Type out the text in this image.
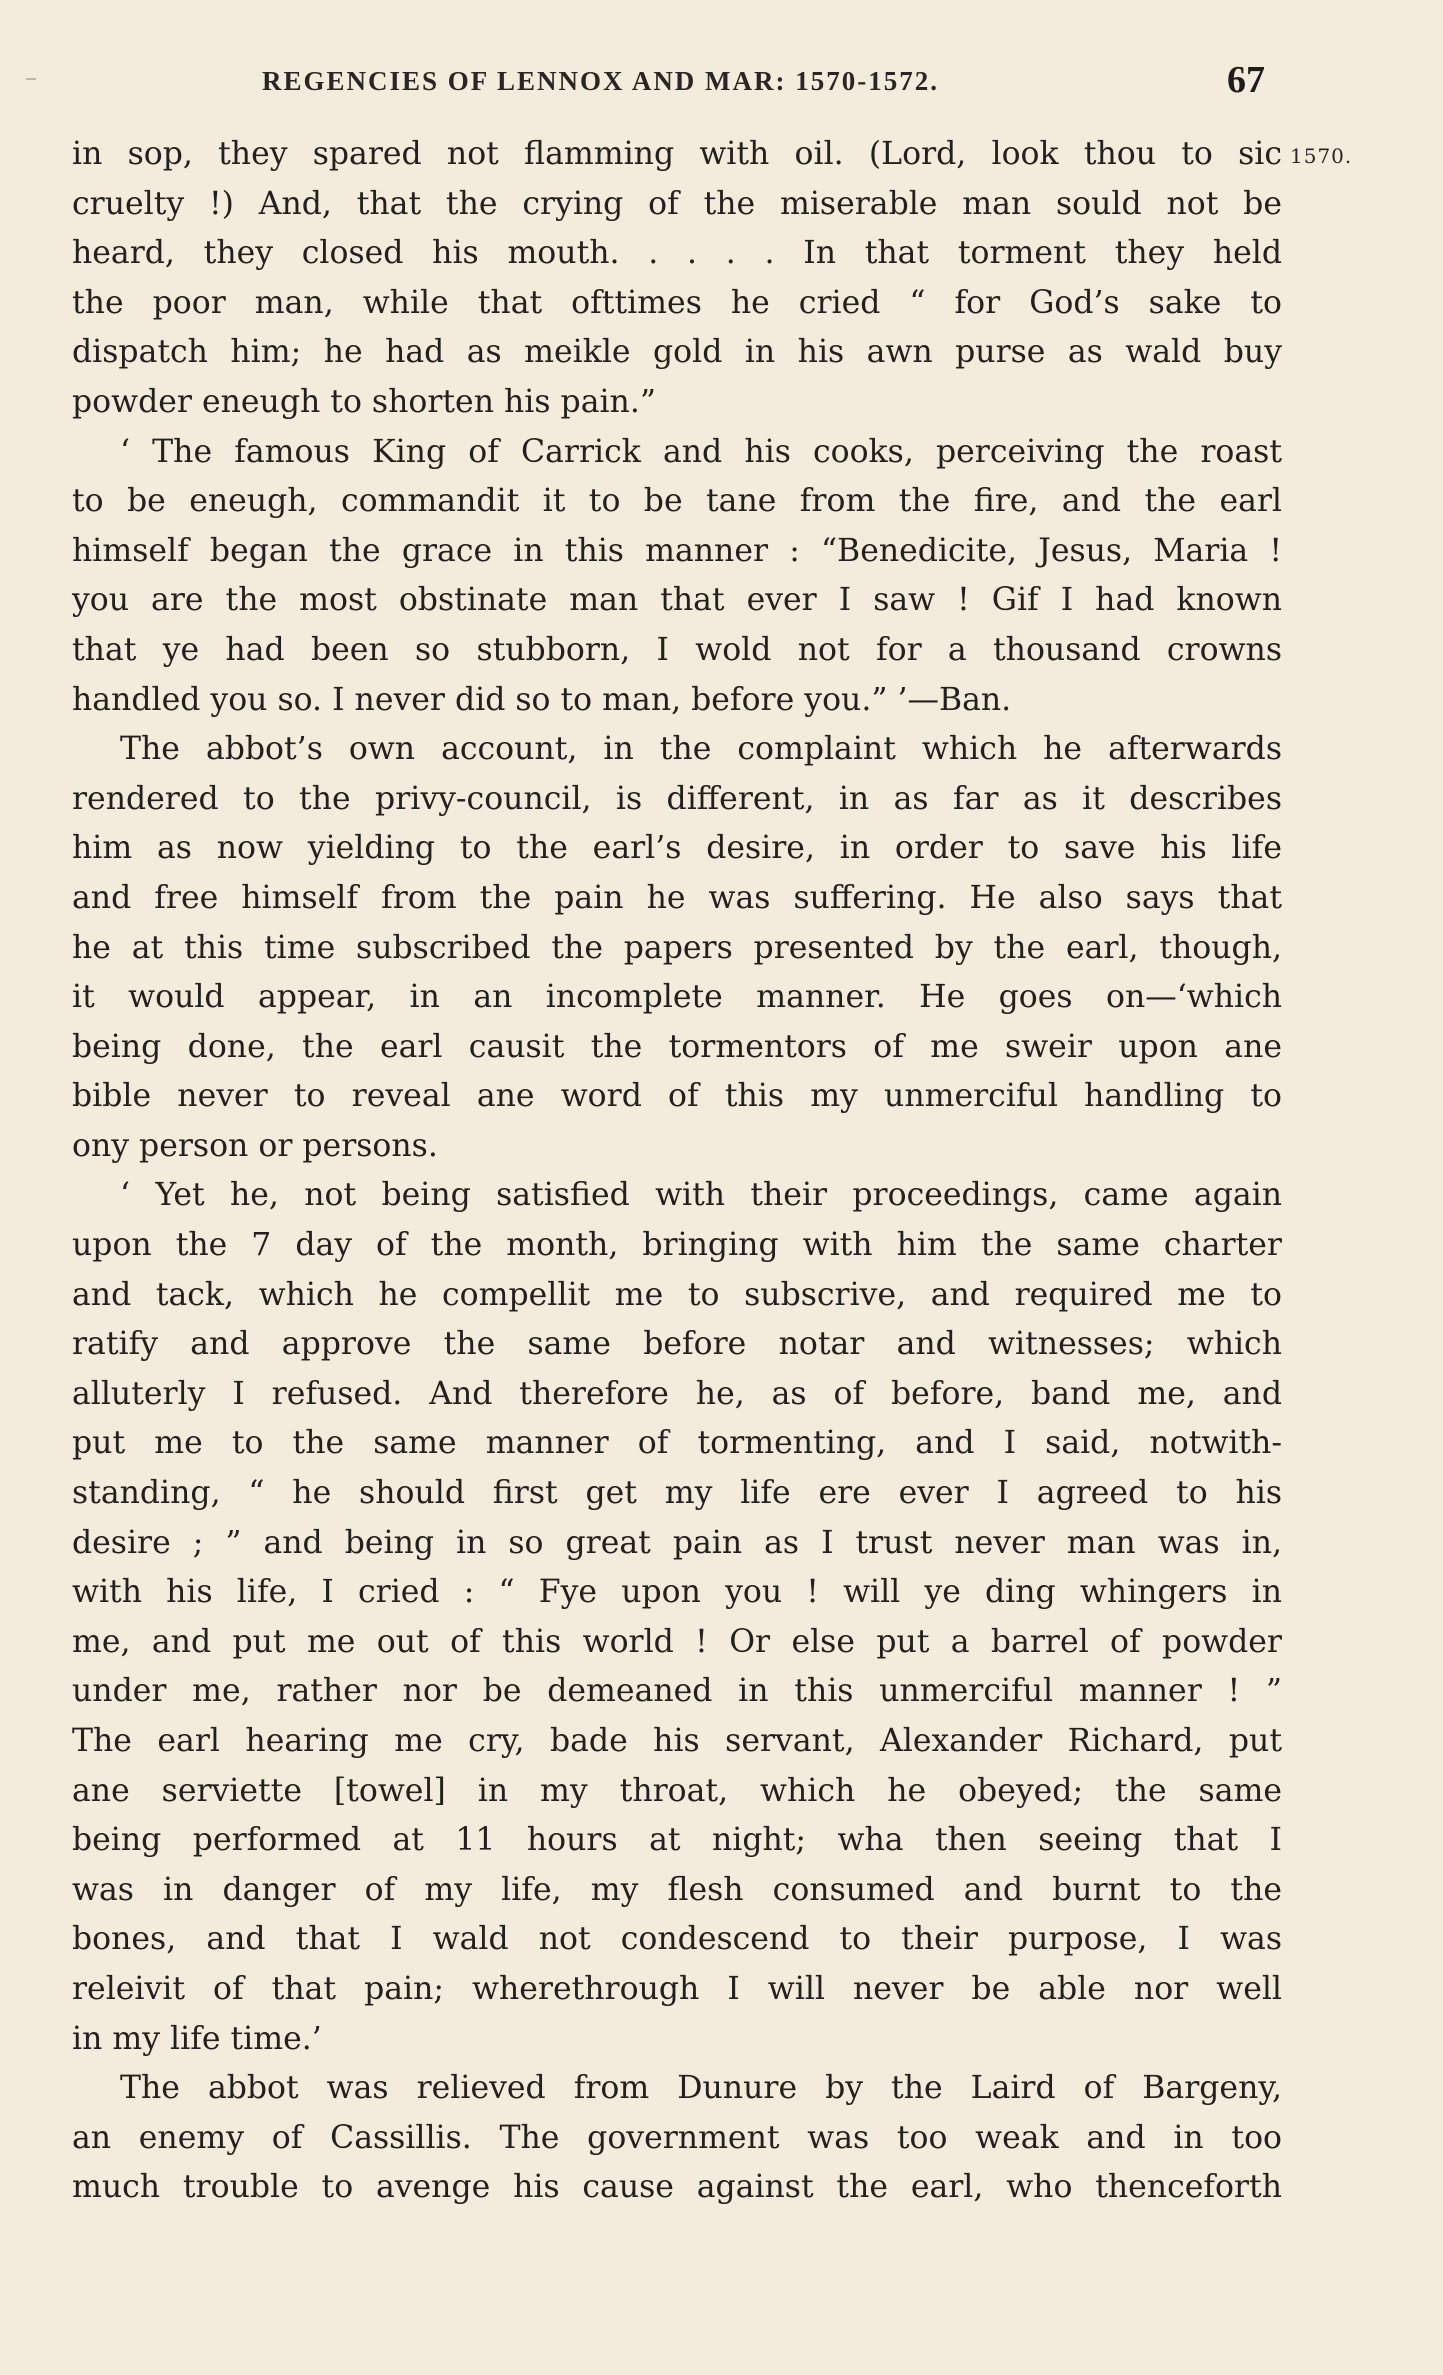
REGENCIES OF LENNOX AND MAR: 1570-1572.	67
1570.
in sop, they spared not flamming with oil. (Lord, look thou to sic
cruelty !) And, that the crying of the miserable man sould not be
heard, they closed his mouth. . . . . In that torment they held
the poor man, while that ofttimes he cried “ for God’s sake to
dispatch him; he had as meikle gold in his awn purse as wald buy
powder eneugh to shorten his pain.”
‘ The famous King of Carrick and his cooks, perceiving the roast
to be eneugh, commandit it to be tane from the fire, and the earl
himself began the grace in this manner : “Benedicite, Jesus, Maria !
you are the most obstinate man that ever I saw ! Gif I had known
that ye had been so stubborn, I wold not for a thousand crowns
handled you so. I never did so to man, before you.” ’—Ban.
The abbot’s own account, in the complaint which he afterwards
rendered to the privy-council, is different, in as far as it describes
him as now yielding to the earl’s desire, in order to save his life
and free himself from the pain he was suffering. He also says that
he at this time subscribed the papers presented by the earl, though,
it would appear, in an incomplete manner. He goes on—‘which
being done, the earl causit the tormentors of me sweir upon ane
bible never to reveal ane word of this my unmerciful handling to
ony person or persons.
‘ Yet he, not being satisfied with their proceedings, came again
upon the 7 day of the month, bringing with him the same charter
and tack, which he compellit me to subscrive, and required me to
ratify and approve the same before notar and witnesses; which
alluterly I refused. And therefore he, as of before, band me, and
put me to the same manner of tormenting, and I said, notwith-
standing, “ he should first get my life ere ever I agreed to his
desire ; ” and being in so great pain as I trust never man was in,
with his life, I cried : “ Fye upon you ! will ye ding whingers in
me, and put me out of this world ! Or else put a barrel of powder
under me, rather nor be demeaned in this unmerciful manner ! ”
The earl hearing me cry, bade his servant, Alexander Richard, put
ane serviette [towel] in my throat, which he obeyed; the same
being performed at 11 hours at night; wha then seeing that I
was in danger of my life, my flesh consumed and burnt to the
bones, and that I wald not condescend to their purpose, I was
releivit of that pain; wherethrough I will never be able nor well
in my life time.’
The abbot was relieved from Dunure by the Laird of Bargeny,
an enemy of Cassillis. The government was too weak and in too
much trouble to avenge his cause against the earl, who thenceforth
